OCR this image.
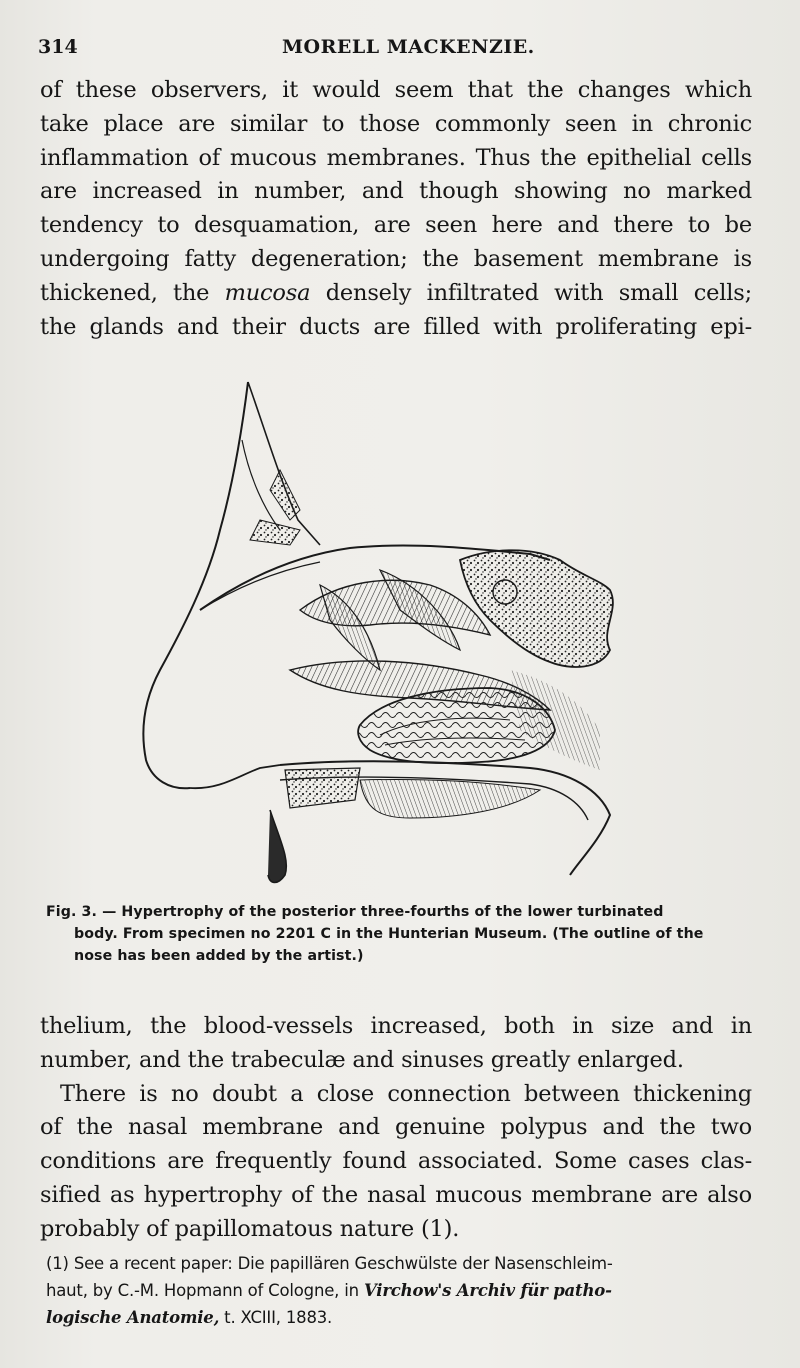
314	MORELL MACKENZIE.
of these observers, it would seem that the changes which
take place are similar to those commonly seen in chronic
inflammation of mucous membranes. Thus the epithelial cells
are increased in number, and though showing no marked
tendency to desquamation, are seen here and there to be
undergoing fatty degeneration; the basement membrane is
thickened, the mucosa densely infiltrated with small cells;
the glands and their ducts are filled with proliferating epi-
Fig. 3. — Hypertrophy of the posterior three-fourths of the lower turbinated
body. From specimen no 2201 C in the Hunterian Museum. (The outline of the
nose has been added by the artist.)
thelium, the blood-vessels increased, both in size and in
number, and the trabeculæ and sinuses greatly enlarged.
There is no doubt a close connection between thickening
of the nasal membrane and genuine polypus and the two
conditions are frequently found associated. Some cases clas-
sified as hypertrophy of the nasal mucous membrane are also
probably of papillomatous nature (1).
(1) See a recent paper: Die papillären Geschwülste der Nasenschleim-
haut, by C.-M. Hopmann of Cologne, in Virchow's Archiv für patho-
logische Anatomie, t. XCIII, 1883.
